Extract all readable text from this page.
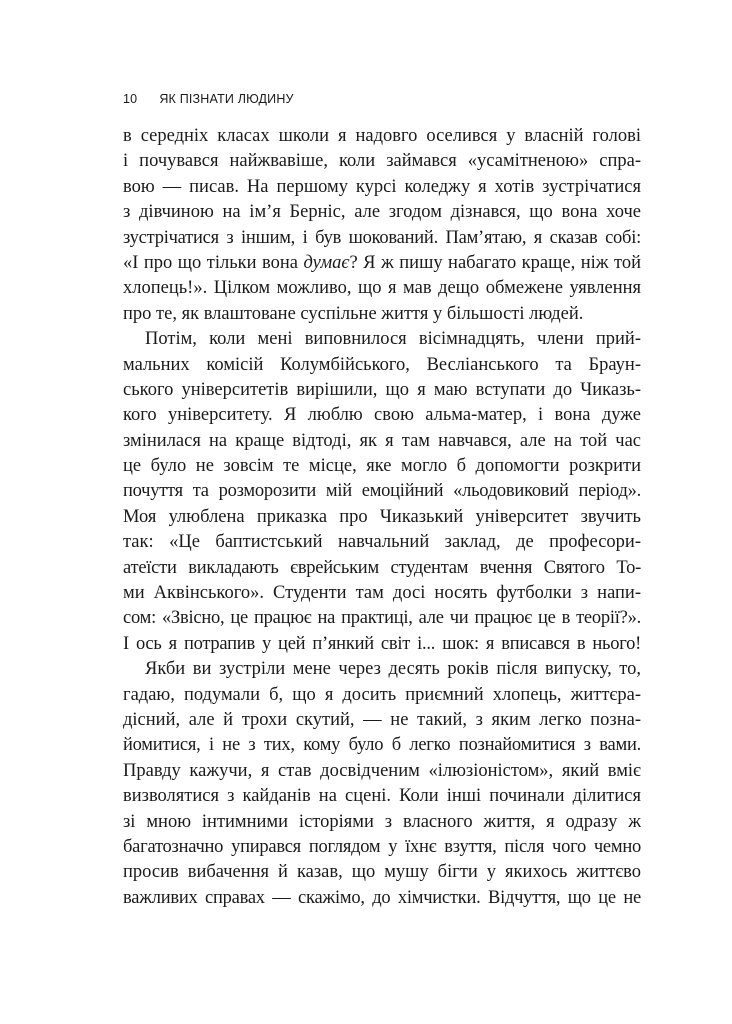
10 ЯК ПІЗНАТИ ЛЮДИНУ
в середніх класах школи я надовго оселився у власній голові
і почувався найжвавіше, коли займався «усамітненою» спра-
вою — писав. На першому курсі коледжу я хотів зустрічатися
з дівчиною на ім’я Берніс, але згодом дізнався, що вона хоче
зустрічатися з іншим, і був шокований. Пам’ятаю, я сказав собі:
«І про що тільки вона думає? Я ж пишу набагато краще, ніж той
хлопець!». Цілком можливо, що я мав дещо обмежене уявлення
про те, як влаштоване суспільне життя у більшості людей.
Потім, коли мені виповнилося вісімнадцять, члени прий-
мальних комісій Колумбійського, Весліанського та Браун-
ського університетів вирішили, що я маю вступати до Чиказь-
кого університету. Я люблю свою альма-матер, і вона дуже
змінилася на краще відтоді, як я там навчався, але на той час
це було не зовсім те місце, яке могло б допомогти розкрити
почуття та розморозити мій емоційний «льодовиковий період».
Моя улюблена приказка про Чиказький університет звучить
так: «Це баптистський навчальний заклад, де професори-
атеїсти викладають єврейським студентам вчення Святого То-
ми Аквінського». Студенти там досі носять футболки з напи-
сом: «Звісно, це працює на практиці, але чи працює це в теорії?».
І ось я потрапив у цей п’янкий світ і... шок: я вписався в нього!
Якби ви зустріли мене через десять років після випуску, то,
гадаю, подумали б, що я досить приємний хлопець, життєра-
дісний, але й трохи скутий, — не такий, з яким легко позна-
йомитися, і не з тих, кому було б легко познайомитися з вами.
Правду кажучи, я став досвідченим «ілюзіоністом», який вміє
визволятися з кайданів на сцені. Коли інші починали ділитися
зі мною інтимними історіями з власного життя, я одразу ж
багатозначно упирався поглядом у їхнє взуття, після чого чемно
просив вибачення й казав, що мушу бігти у якихось життєво
важливих справах — скажімо, до хімчистки. Відчуття, що це не
